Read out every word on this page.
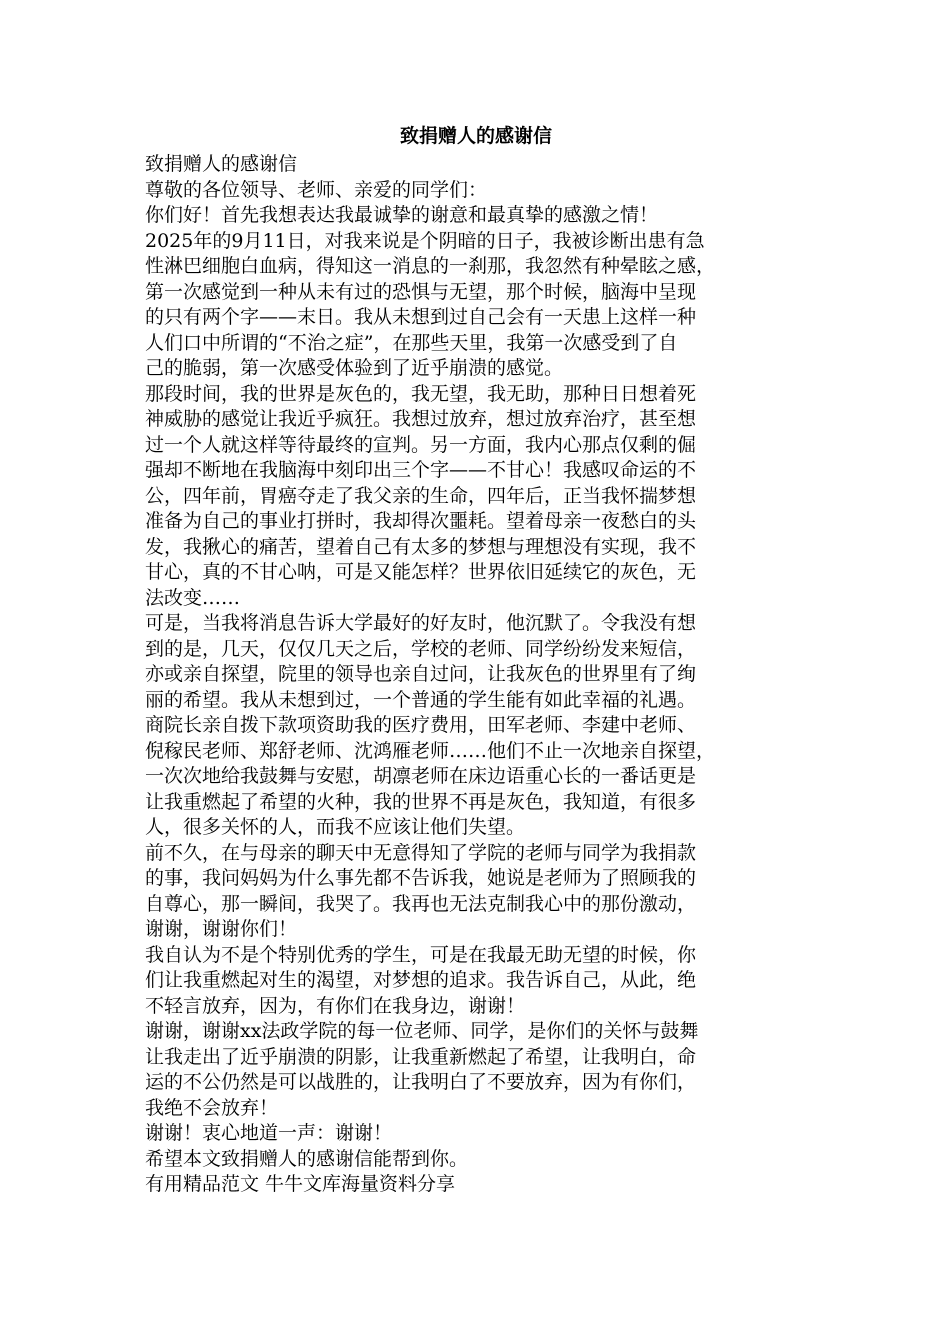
致捐赠人的感谢信
致捐赠人的感谢信
尊敬的各位领导、老师、亲爱的同学们：
你们好！首先我想表达我最诚挚的谢意和最真挚的感激之情！
2025年的9月11日，对我来说是个阴暗的日子，我被诊断出患有急
性淋巴细胞白血病，得知这一消息的一刹那，我忽然有种晕眩之感，
第一次感觉到一种从未有过的恐惧与无望，那个时候，脑海中呈现
的只有两个字——末日。我从未想到过自己会有一天患上这样一种
人们口中所谓的“不治之症”，在那些天里，我第一次感受到了自
己的脆弱，第一次感受体验到了近乎崩溃的感觉。
那段时间，我的世界是灰色的，我无望，我无助，那种日日想着死
神威胁的感觉让我近乎疯狂。我想过放弃，想过放弃治疗，甚至想
过一个人就这样等待最终的宣判。另一方面，我内心那点仅剩的倔
强却不断地在我脑海中刻印出三个字——不甘心！我感叹命运的不
公，四年前，胃癌夺走了我父亲的生命，四年后，正当我怀揣梦想
准备为自己的事业打拼时，我却得次噩耗。望着母亲一夜愁白的头
发，我揪心的痛苦，望着自己有太多的梦想与理想没有实现，我不
甘心，真的不甘心呐，可是又能怎样？世界依旧延续它的灰色，无
法改变……
可是，当我将消息告诉大学最好的好友时，他沉默了。令我没有想
到的是，几天，仅仅几天之后，学校的老师、同学纷纷发来短信，
亦或亲自探望，院里的领导也亲自过问，让我灰色的世界里有了绚
丽的希望。我从未想到过，一个普通的学生能有如此幸福的礼遇。
商院长亲自拨下款项资助我的医疗费用，田军老师、李建中老师、
倪稼民老师、郑舒老师、沈鸿雁老师……他们不止一次地亲自探望，
一次次地给我鼓舞与安慰，胡凛老师在床边语重心长的一番话更是
让我重燃起了希望的火种，我的世界不再是灰色，我知道，有很多
人，很多关怀的人，而我不应该让他们失望。
前不久，在与母亲的聊天中无意得知了学院的老师与同学为我捐款
的事，我问妈妈为什么事先都不告诉我，她说是老师为了照顾我的
自尊心，那一瞬间，我哭了。我再也无法克制我心中的那份激动，
谢谢，谢谢你们！
我自认为不是个特别优秀的学生，可是在我最无助无望的时候，你
们让我重燃起对生的渴望，对梦想的追求。我告诉自己，从此，绝
不轻言放弃，因为，有你们在我身边，谢谢！
谢谢，谢谢xx法政学院的每一位老师、同学，是你们的关怀与鼓舞
让我走出了近乎崩溃的阴影，让我重新燃起了希望，让我明白，命
运的不公仍然是可以战胜的，让我明白了不要放弃，因为有你们，
我绝不会放弃！
谢谢！衷心地道一声：谢谢！
希望本文致捐赠人的感谢信能帮到你。
有用精品范文 牛牛文库海量资料分享
